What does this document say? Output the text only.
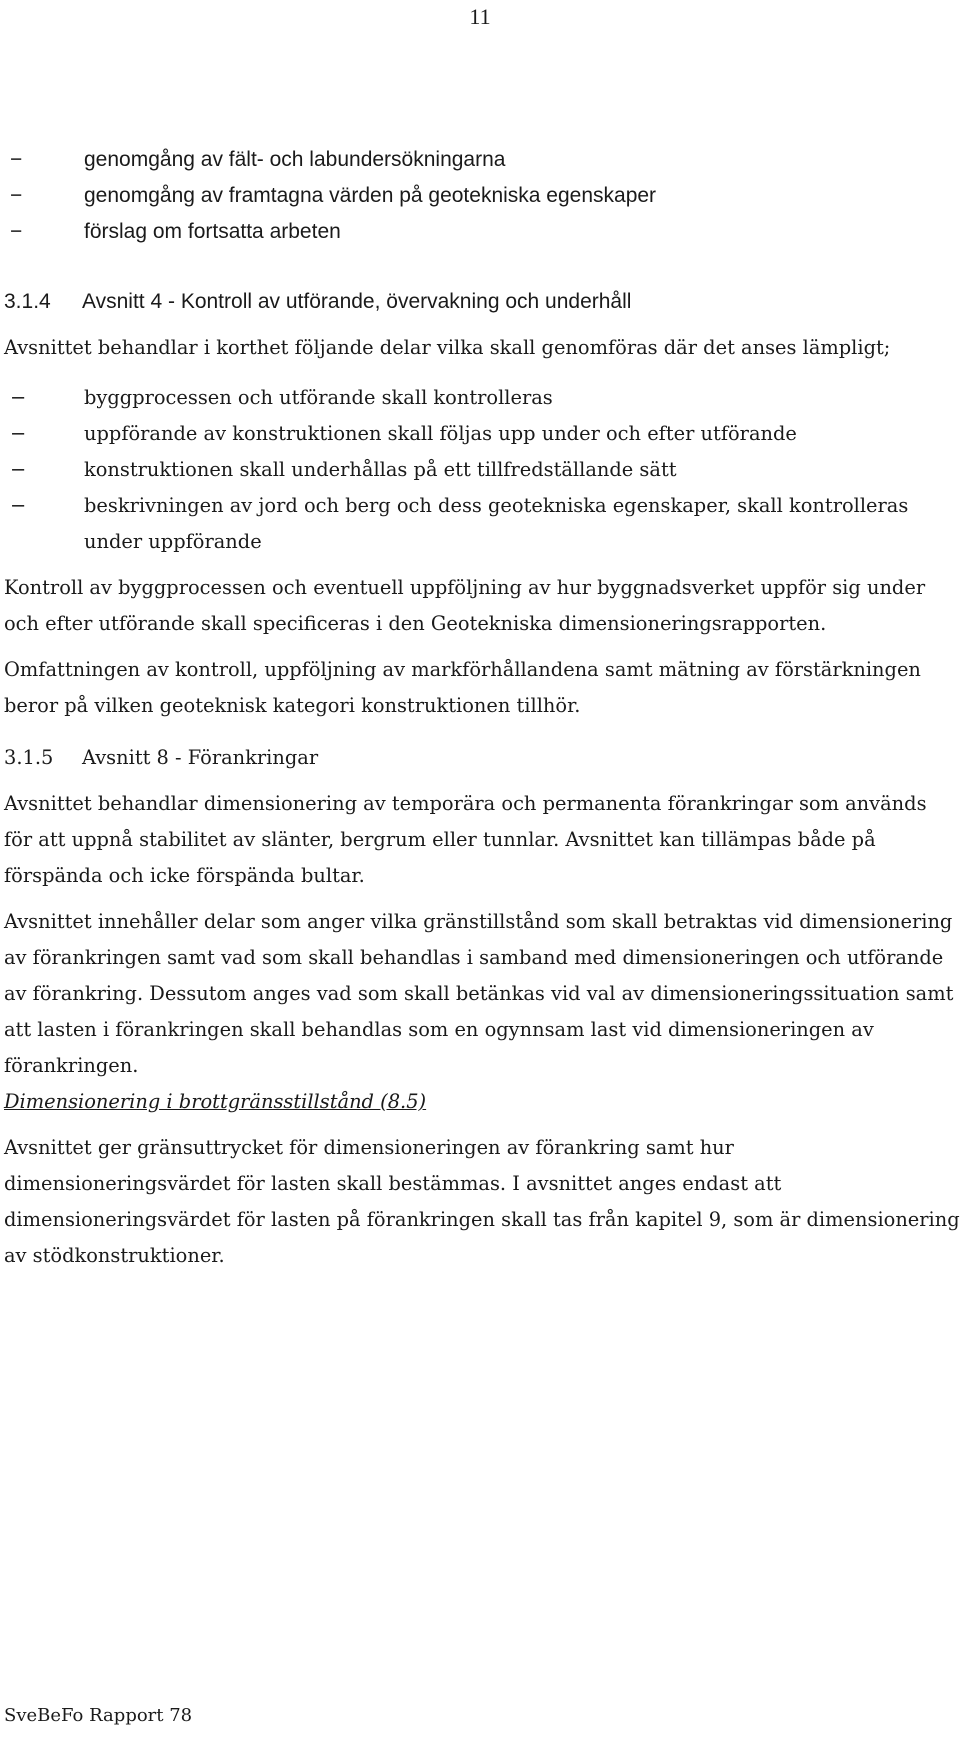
11
−	genomgång av fält- och labundersökningarna
−	genomgång av framtagna värden på geotekniska egenskaper
−	förslag om fortsatta arbeten
3.1.4 Avsnitt 4 - Kontroll av utförande, övervakning och underhåll

Avsnittet behandlar i korthet följande delar vilka skall genomföras där det anses lämpligt;

−	byggprocessen och utförande skall kontrolleras
−	uppförande av konstruktionen skall följas upp under och efter utförande
−	konstruktionen skall underhållas på ett tillfredställande sätt
−	beskrivningen av jord och berg och dess geotekniska egenskaper, skall kontrolleras under uppförande

Kontroll av byggprocessen och eventuell uppföljning av hur byggnadsverket uppför sig under och efter utförande skall specificeras i den Geotekniska dimensioneringsrapporten.

Omfattningen av kontroll, uppföljning av markförhållandena samt mätning av förstärkningen beror på vilken geoteknisk kategori konstruktionen tillhör.

3.1.5 Avsnitt 8 - Förankringar

Avsnittet behandlar dimensionering av temporära och permanenta förankringar som används för att uppnå stabilitet av slänter, bergrum eller tunnlar. Avsnittet kan tillämpas både på förspända och icke förspända bultar.

Avsnittet innehåller delar som anger vilka gränstillstånd som skall betraktas vid dimensionering av förankringen samt vad som skall behandlas i samband med dimensioneringen och utförande av förankring. Dessutom anges vad som skall betänkas vid val av dimensioneringssituation samt att lasten i förankringen skall behandlas som en ogynnsam last vid dimensioneringen av förankringen.

Dimensionering i brottgränsstillstånd (8.5)

Avsnittet ger gränsuttrycket för dimensioneringen av förankring samt hur dimensioneringsvärdet för lasten skall bestämmas. I avsnittet anges endast att dimensioneringsvärdet för lasten på förankringen skall tas från kapitel 9, som är dimensionering av stödkonstruktioner.

SveBeFo Rapport 78
